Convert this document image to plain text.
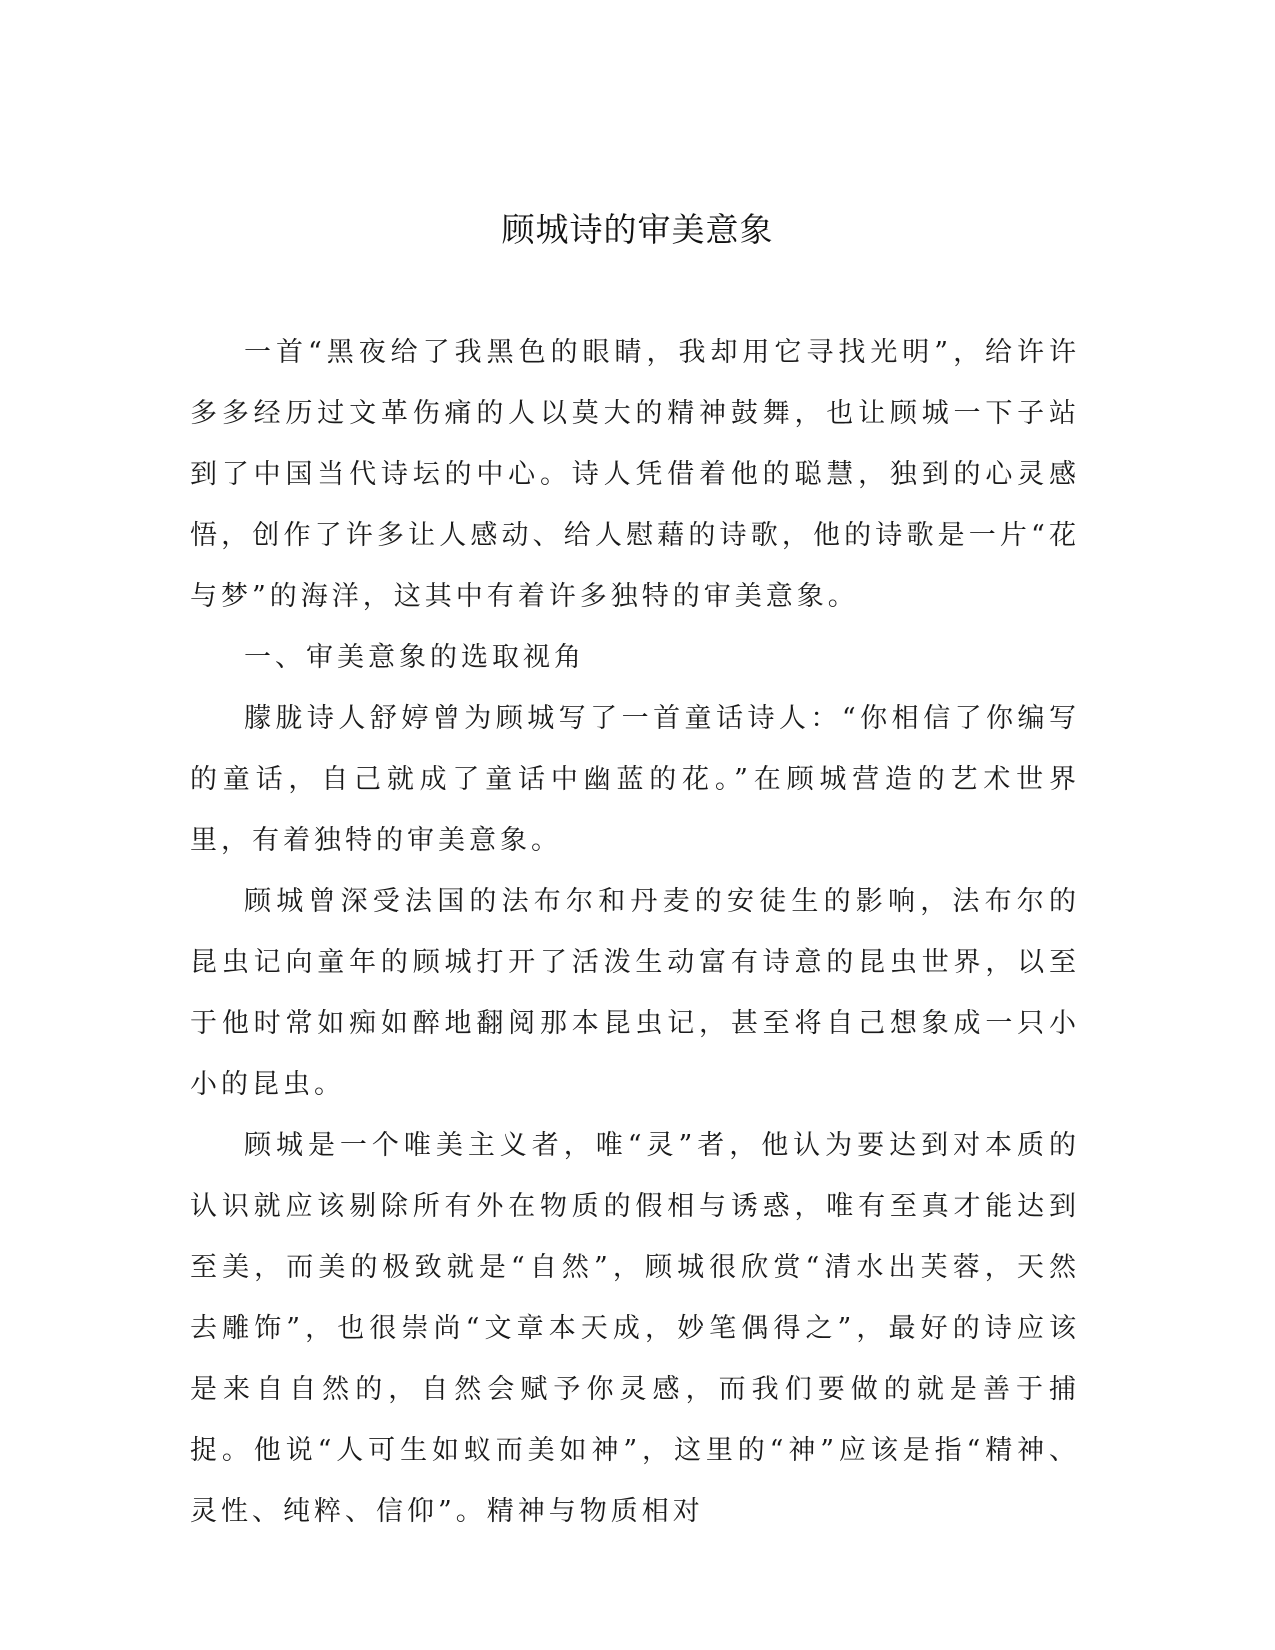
顾城诗的审美意象

一首“黑夜给了我黑色的眼睛，我却用它寻找光明”，给许许多多经历过文革伤痛的人以莫大的精神鼓舞，也让顾城一下子站到了中国当代诗坛的中心。诗人凭借着他的聪慧，独到的心灵感悟，创作了许多让人感动、给人慰藉的诗歌，他的诗歌是一片“花与梦”的海洋，这其中有着许多独特的审美意象。

一、审美意象的选取视角

朦胧诗人舒婷曾为顾城写了一首童话诗人：“你相信了你编写的童话，自己就成了童话中幽蓝的花。”在顾城营造的艺术世界里，有着独特的审美意象。

顾城曾深受法国的法布尔和丹麦的安徒生的影响，法布尔的昆虫记向童年的顾城打开了活泼生动富有诗意的昆虫世界，以至于他时常如痴如醉地翻阅那本昆虫记，甚至将自己想象成一只小小的昆虫。

顾城是一个唯美主义者，唯“灵”者，他认为要达到对本质的认识就应该剔除所有外在物质的假相与诱惑，唯有至真才能达到至美，而美的极致就是“自然”，顾城很欣赏“清水出芙蓉，天然去雕饰”，也很崇尚“文章本天成，妙笔偶得之”，最好的诗应该是来自自然的，自然会赋予你灵感，而我们要做的就是善于捕捉。他说“人可生如蚁而美如神”，这里的“神”应该是指“精神、灵性、纯粹、信仰”。精神与物质相对
